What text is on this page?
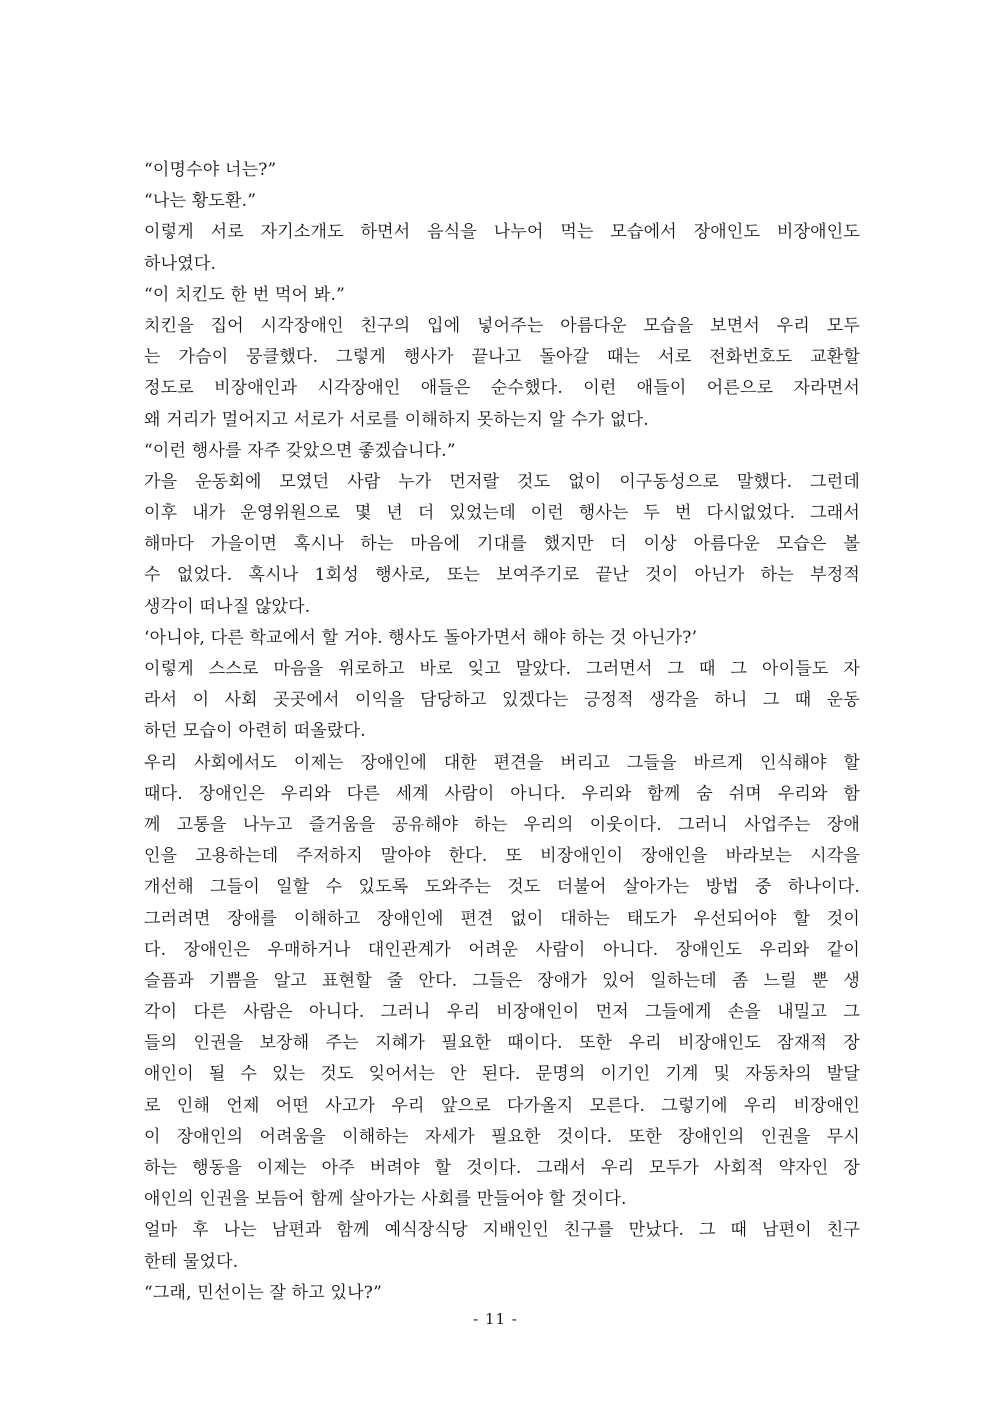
“이명수야 너는?”
“나는 황도환.”
이렇게 서로 자기소개도 하면서 음식을 나누어 먹는 모습에서 장애인도 비장애인도
하나였다.
“이 치킨도 한 번 먹어 봐.”
치킨을 집어 시각장애인 친구의 입에 넣어주는 아름다운 모습을 보면서 우리 모두
는 가슴이 뭉클했다. 그렇게 행사가 끝나고 돌아갈 때는 서로 전화번호도 교환할
정도로 비장애인과 시각장애인 애들은 순수했다. 이런 애들이 어른으로 자라면서
왜 거리가 멀어지고 서로가 서로를 이해하지 못하는지 알 수가 없다.
“이런 행사를 자주 갖았으면 좋겠습니다.”
가을 운동회에 모였던 사람 누가 먼저랄 것도 없이 이구동성으로 말했다. 그런데
이후 내가 운영위원으로 몇 년 더 있었는데 이런 행사는 두 번 다시없었다. 그래서
해마다 가을이면 혹시나 하는 마음에 기대를 했지만 더 이상 아름다운 모습은 볼
수 없었다. 혹시나 1회성 행사로, 또는 보여주기로 끝난 것이 아닌가 하는 부정적
생각이 떠나질 않았다.
‘아니야, 다른 학교에서 할 거야. 행사도 돌아가면서 해야 하는 것 아닌가?’
이렇게 스스로 마음을 위로하고 바로 잊고 말았다. 그러면서 그 때 그 아이들도 자
라서 이 사회 곳곳에서 이익을 담당하고 있겠다는 긍정적 생각을 하니 그 때 운동
하던 모습이 아련히 떠올랐다.
우리 사회에서도 이제는 장애인에 대한 편견을 버리고 그들을 바르게 인식해야 할
때다. 장애인은 우리와 다른 세계 사람이 아니다. 우리와 함께 숨 쉬며 우리와 함
께 고통을 나누고 즐거움을 공유해야 하는 우리의 이웃이다. 그러니 사업주는 장애
인을 고용하는데 주저하지 말아야 한다. 또 비장애인이 장애인을 바라보는 시각을
개선해 그들이 일할 수 있도록 도와주는 것도 더불어 살아가는 방법 중 하나이다.
그러려면 장애를 이해하고 장애인에 편견 없이 대하는 태도가 우선되어야 할 것이
다. 장애인은 우매하거나 대인관계가 어려운 사람이 아니다. 장애인도 우리와 같이
슬픔과 기쁨을 알고 표현할 줄 안다. 그들은 장애가 있어 일하는데 좀 느릴 뿐 생
각이 다른 사람은 아니다. 그러니 우리 비장애인이 먼저 그들에게 손을 내밀고 그
들의 인권을 보장해 주는 지혜가 필요한 때이다. 또한 우리 비장애인도 잠재적 장
애인이 될 수 있는 것도 잊어서는 안 된다. 문명의 이기인 기계 및 자동차의 발달
로 인해 언제 어떤 사고가 우리 앞으로 다가올지 모른다. 그렇기에 우리 비장애인
이 장애인의 어려움을 이해하는 자세가 필요한 것이다. 또한 장애인의 인권을 무시
하는 행동을 이제는 아주 버려야 할 것이다. 그래서 우리 모두가 사회적 약자인 장
애인의 인권을 보듬어 함께 살아가는 사회를 만들어야 할 것이다.
얼마 후 나는 남편과 함께 예식장식당 지배인인 친구를 만났다. 그 때 남편이 친구
한테 물었다.
“그래, 민선이는 잘 하고 있나?”
- 11 -
